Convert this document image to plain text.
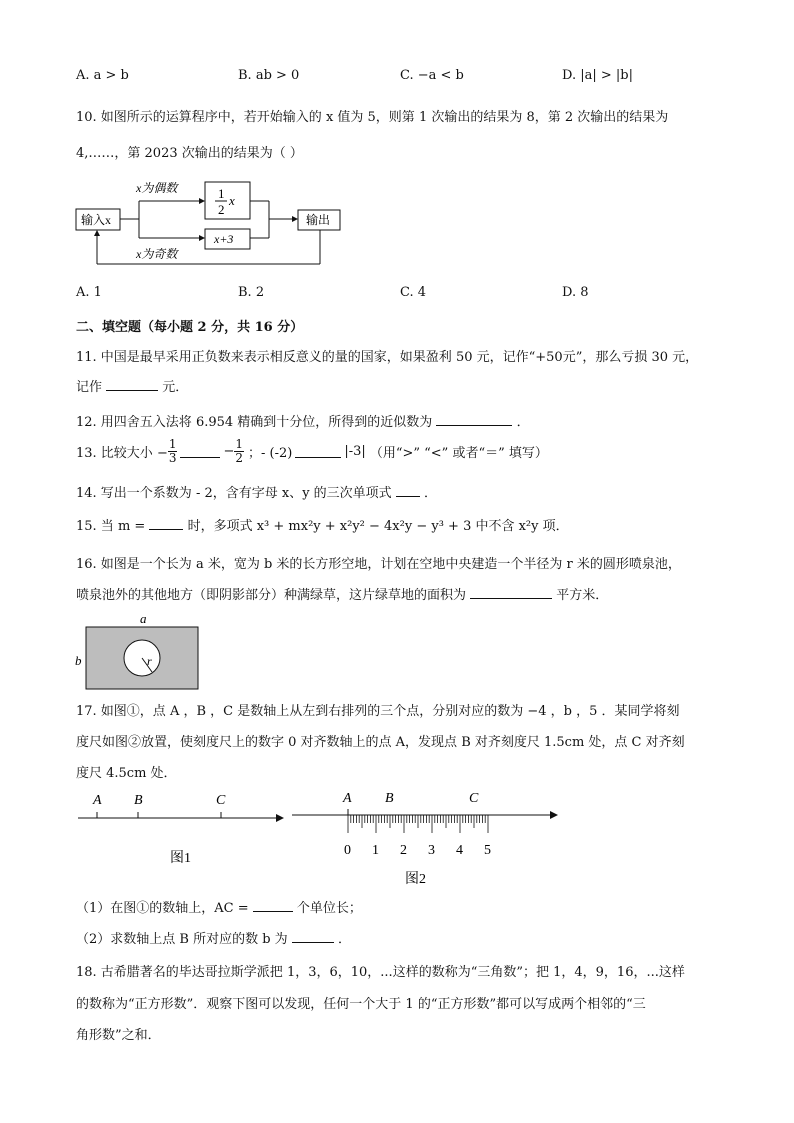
A. a > b	B. ab > 0	C. −a < b	D. |a| > |b|
10. 如图所示的运算程序中，若开始输入的 x 值为 5，则第 1 次输出的结果为 8，第 2 次输出的结果为
4,……，第 2023 次输出的结果为（ ）
输入x
x为偶数
x为奇数
1
2
x
x+3
输出
A. 1	B. 2	C. 4	D. 8
二、填空题（每小题 2 分，共 16 分）
11. 中国是最早采用正负数来表示相反意义的量的国家，如果盈利 50 元，记作“+50元”，那么亏损 30 元，
记作	元．
12. 用四舍五入法将 6.954 精确到十分位，所得到的近似数为	．
13. 比较大小 − $\frac{1}{3}$	− $\frac{1}{2}$ ；- (-2)	|-3| （用“>” “<” 或者“＝” 填写）
14. 写出一个系数为 - 2，含有字母 x、y 的三次单项式 ．
15. 当 m =	时，多项式 x³ + mx²y + x²y² − 4x²y − y³ + 3 中不含 x²y 项．
16. 如图是一个长为 a 米，宽为 b 米的长方形空地，计划在空地中央建造一个半径为 r 米的圆形喷泉池，
喷泉池外的其他地方（即阴影部分）种满绿草，这片绿草地的面积为	平方米．
a
b	r
17. 如图①，点 A ，B ，C 是数轴上从左到右排列的三个点，分别对应的数为 −4 ，b ，5 ．某同学将刻
度尺如图②放置，使刻度尺上的数字 0 对齐数轴上的点 A，发现点 B 对齐刻度尺 1.5cm 处，点 C 对齐刻
度尺 4.5cm 处．
A B	C
图1
A B	C
0 1 2 3 4 5
图2
（1）在图①的数轴上，AC =	个单位长；
（2）求数轴上点 B 所对应的数 b 为	．
18. 古希腊著名的毕达哥拉斯学派把 1，3，6，10，...这样的数称为“三角数”；把 1，4，9，16，...这样
的数称为“正方形数”．观察下图可以发现，任何一个大于 1 的“正方形数”都可以写成两个相邻的“三
角形数”之和．
